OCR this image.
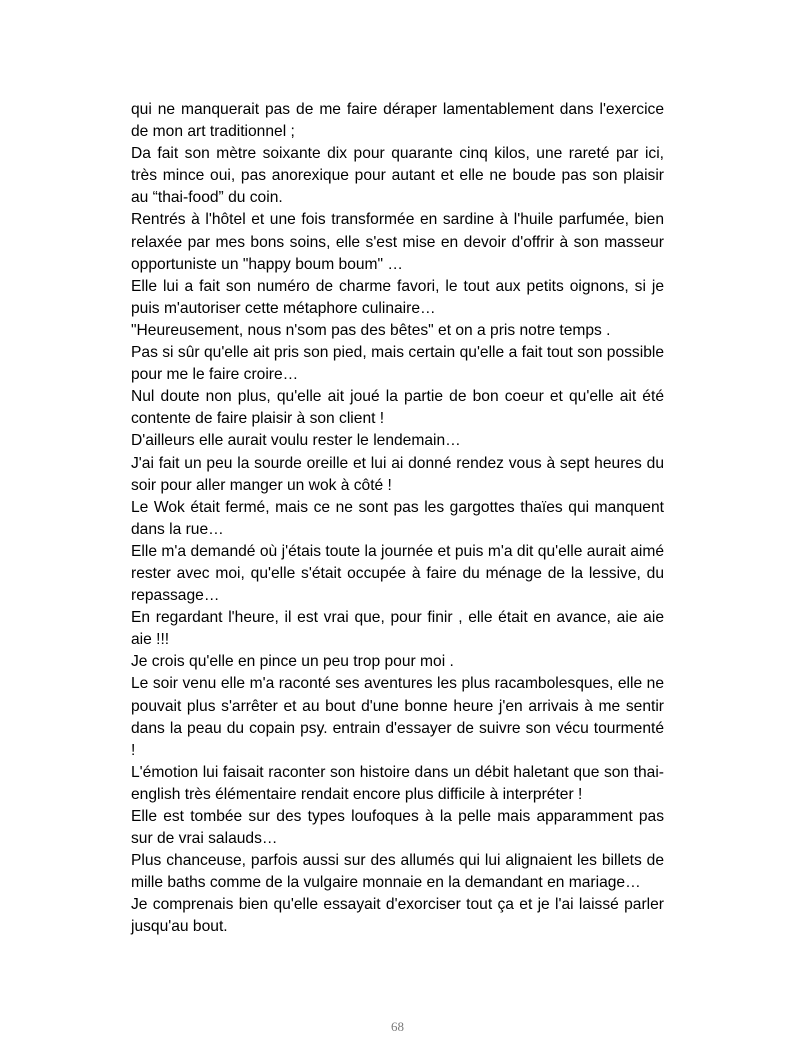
qui ne manquerait pas de me faire déraper lamentablement dans l'exercice de mon art traditionnel ;

Da fait son mètre soixante dix pour quarante cinq kilos, une rareté par ici, très mince oui, pas anorexique pour autant et elle ne boude pas son plaisir au “thai-food” du coin.

Rentrés à l'hôtel et une fois transformée en sardine à l'huile parfumée, bien relaxée par mes bons soins, elle s'est mise en devoir d'offrir à son masseur opportuniste un "happy boum boum" …

Elle lui a fait son numéro de charme favori, le tout aux petits oignons, si je puis m'autoriser cette métaphore culinaire…

"Heureusement, nous n'som pas des bêtes" et on a pris notre temps .

Pas si sûr qu'elle ait pris son pied, mais certain qu'elle a fait tout son possible pour me le faire croire…

Nul doute non plus, qu'elle ait joué la partie de bon coeur et qu'elle ait été contente de faire plaisir à son client !

D'ailleurs elle aurait voulu rester le lendemain…

J'ai fait un peu la sourde oreille et lui ai donné rendez vous à sept heures du soir pour aller manger un wok à côté !

Le Wok était fermé, mais ce ne sont pas les gargottes thaïes qui manquent dans la rue…

Elle m'a demandé où j'étais toute la journée et puis m'a dit qu'elle aurait aimé rester avec moi, qu'elle s'était occupée à faire du ménage de la lessive, du repassage…

En regardant l'heure, il est vrai que, pour finir , elle était en avance, aie aie aie !!!

Je crois qu'elle en pince un peu trop pour moi .

Le soir venu elle m'a raconté ses aventures les plus racambolesques, elle ne pouvait plus s'arrêter et au bout d'une bonne heure j'en arrivais à me sentir dans la peau du copain psy. entrain d'essayer de suivre son vécu tourmenté !

L'émotion lui faisait raconter son histoire dans un débit haletant que son thai-english très élémentaire rendait encore plus difficile à interpréter !

Elle est tombée sur des types loufoques à la pelle mais apparamment pas sur de vrai salauds…

Plus chanceuse, parfois aussi sur des allumés qui lui alignaient les billets de mille baths comme de la vulgaire monnaie en la demandant en mariage…

Je comprenais bien qu'elle essayait d'exorciser tout ça et je l'ai laissé parler jusqu'au bout.

68
